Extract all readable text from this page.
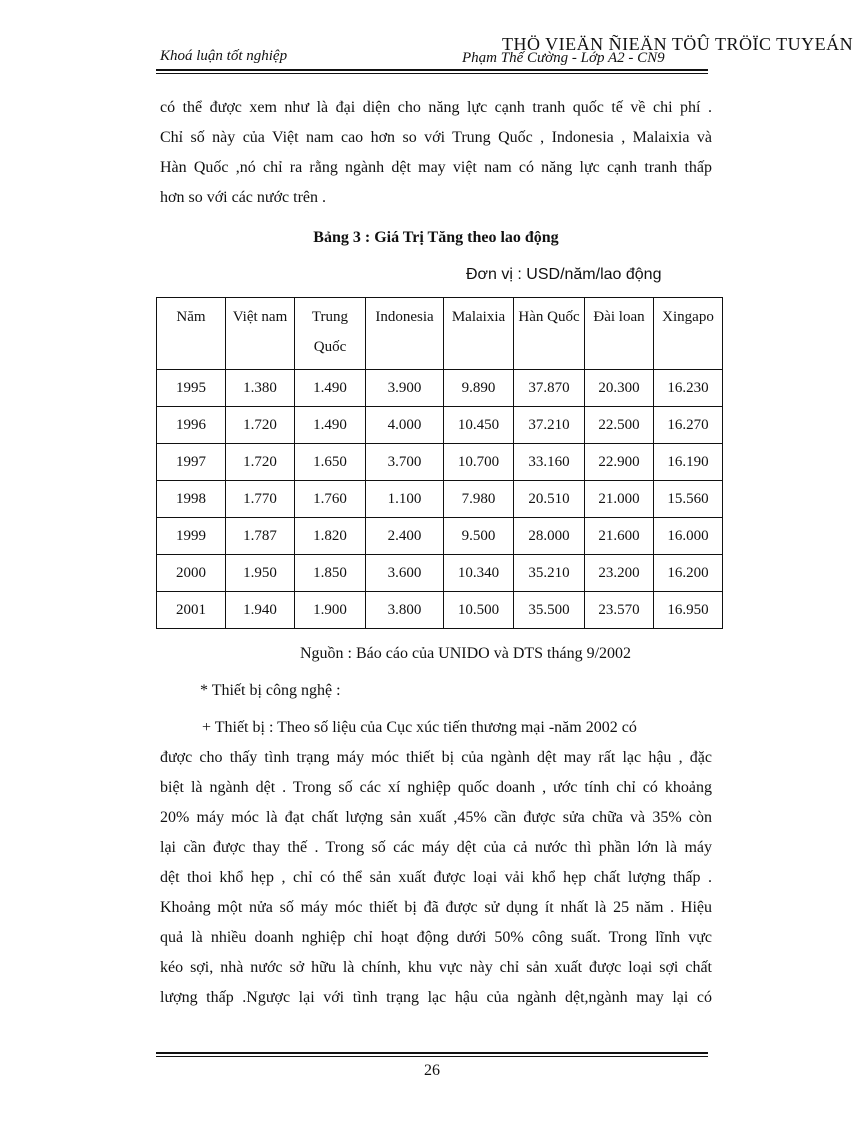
Khoá luận tốt nghiệp	Phạm Thế Cường - Lớp A2 - CN9
THÖ VIEÄN ÑIEÄN TÖÛ TRÖÏC TUYEÁN
có thể được xem như là đại diện cho năng lực cạnh tranh quốc tế về chi phí .
Chỉ số này của Việt nam cao hơn so với Trung Quốc , Indonesia , Malaixia và
Hàn Quốc ,nó chỉ ra rằng ngành dệt may việt nam có năng lực cạnh tranh thấp
hơn so với các nước trên .
Bảng 3 : Giá Trị Tăng theo lao động
Đơn vị : USD/năm/lao động
Năm	Việt nam	Trung Quốc	Indonesia	Malaixia	Hàn Quốc	Đài loan	Xingapo
1995	1.380	1.490	3.900	9.890	37.870	20.300	16.230
1996	1.720	1.490	4.000	10.450	37.210	22.500	16.270
1997	1.720	1.650	3.700	10.700	33.160	22.900	16.190
1998	1.770	1.760	1.100	7.980	20.510	21.000	15.560
1999	1.787	1.820	2.400	9.500	28.000	21.600	16.000
2000	1.950	1.850	3.600	10.340	35.210	23.200	16.200
2001	1.940	1.900	3.800	10.500	35.500	23.570	16.950
Nguồn : Báo cáo của UNIDO và DTS tháng 9/2002
* Thiết bị công nghệ :
+ Thiết bị : Theo số liệu của Cục xúc tiến thương mại -năm 2002 có
được cho thấy tình trạng máy móc thiết bị của ngành dệt may rất lạc hậu , đặc
biệt là ngành dệt . Trong số các xí nghiệp quốc doanh , ước tính chỉ có khoảng
20% máy móc là đạt chất lượng sản xuất ,45% cần được sửa chữa và 35% còn
lại cần được thay thế . Trong số các máy dệt của cả nước thì phần lớn là máy
dệt thoi khổ hẹp , chỉ có thể sản xuất được loại vải khổ hẹp chất lượng thấp .
Khoảng một nửa số máy móc thiết bị đã được sử dụng ít nhất là 25 năm . Hiệu
quả là nhiều doanh nghiệp chỉ hoạt động dưới 50% công suất. Trong lĩnh vực
kéo sợi, nhà nước sở hữu là chính, khu vực này chỉ sản xuất được loại sợi chất
lượng thấp .Ngược lại với tình trạng lạc hậu của ngành dệt,ngành may lại có
26
